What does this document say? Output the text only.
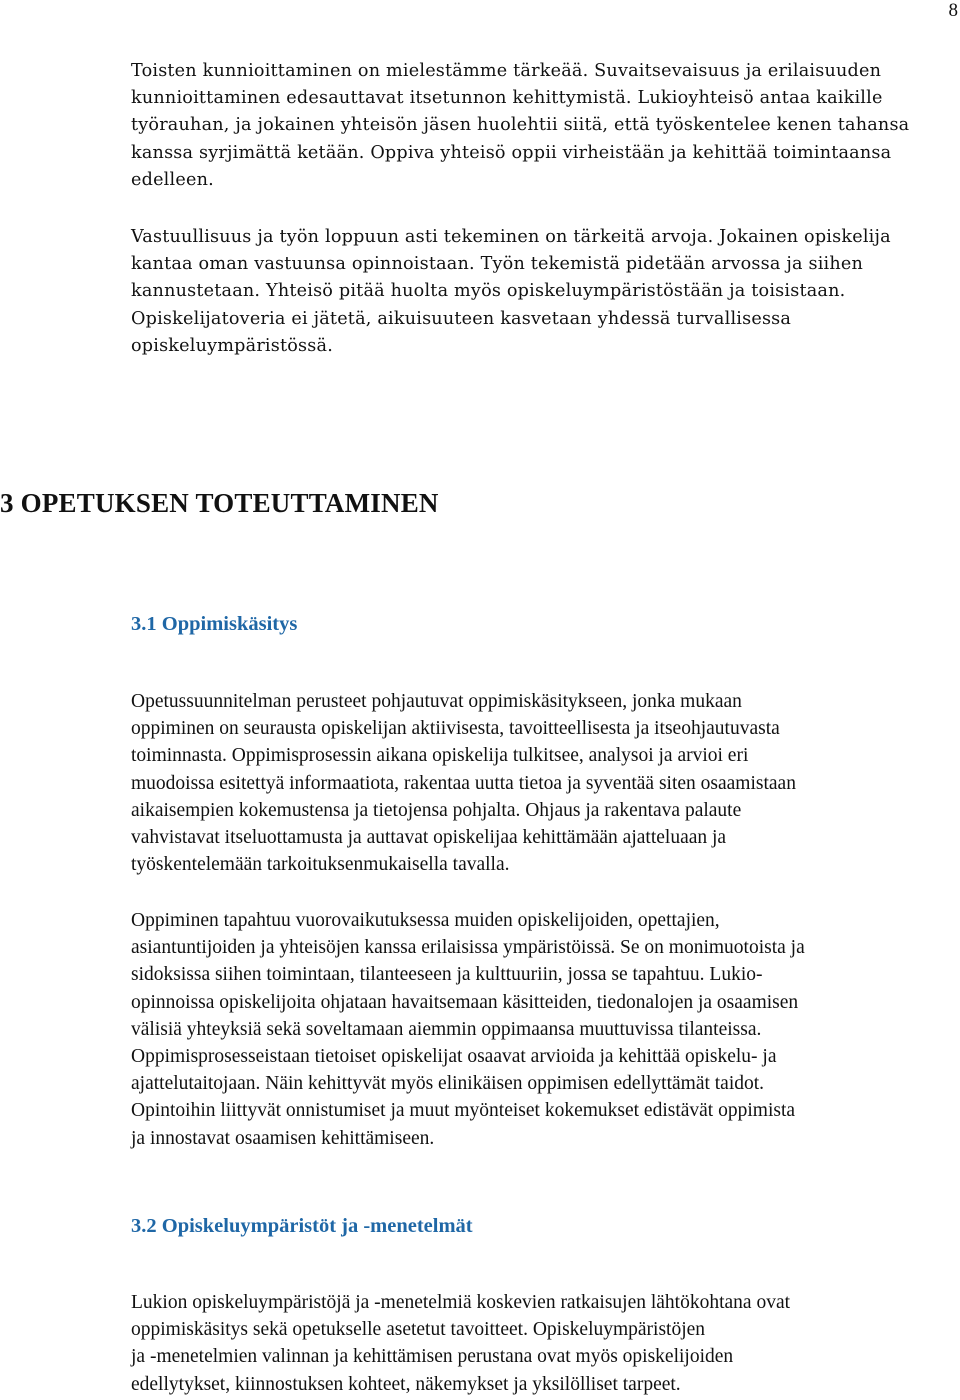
8

Toisten kunnioittaminen on mielestämme tärkeää. Suvaitsevaisuus ja erilaisuuden
kunnioittaminen edesauttavat itsetunnon kehittymistä. Lukioyhteisö antaa kaikille
työrauhan, ja jokainen yhteisön jäsen huolehtii siitä, että työskentelee kenen tahansa
kanssa syrjimättä ketään. Oppiva yhteisö oppii virheistään ja kehittää toimintaansa
edelleen.

Vastuullisuus ja työn loppuun asti tekeminen on tärkeitä arvoja. Jokainen opiskelija
kantaa oman vastuunsa opinnoistaan. Työn tekemistä pidetään arvossa ja siihen
kannustetaan. Yhteisö pitää huolta myös opiskeluympäristöstään ja toisistaan.
Opiskelijatoveria ei jätetä, aikuisuuteen kasvetaan yhdessä turvallisessa
opiskeluympäristössä.

3 OPETUKSEN TOTEUTTAMINEN
3.1 Oppimiskäsitys

Opetussuunnitelman perusteet pohjautuvat oppimiskäsitykseen, jonka mukaan
oppiminen on seurausta opiskelijan aktiivisesta, tavoitteellisesta ja itseohjautuvasta
toiminnasta. Oppimisprosessin aikana opiskelija tulkitsee, analysoi ja arvioi eri
muodoissa esitettyä informaatiota, rakentaa uutta tietoa ja syventää siten osaamistaan
aikaisempien kokemustensa ja tietojensa pohjalta. Ohjaus ja rakentava palaute
vahvistavat itseluottamusta ja auttavat opiskelijaa kehittämään ajatteluaan ja
työskentelemään tarkoituksenmukaisella tavalla.

Oppiminen tapahtuu vuorovaikutuksessa muiden opiskelijoiden, opettajien,
asiantuntijoiden ja yhteisöjen kanssa erilaisissa ympäristöissä. Se on monimuotoista ja
sidoksissa siihen toimintaan, tilanteeseen ja kulttuuriin, jossa se tapahtuu. Lukio-
opinnoissa opiskelijoita ohjataan havaitsemaan käsitteiden, tiedonalojen ja osaamisen
välisiä yhteyksiä sekä soveltamaan aiemmin oppimaansa muuttuvissa tilanteissa.
Oppimisprosesseistaan tietoiset opiskelijat osaavat arvioida ja kehittää opiskelu- ja
ajattelutaitojaan. Näin kehittyvät myös elinikäisen oppimisen edellyttämät taidot.
Opintoihin liittyvät onnistumiset ja muut myönteiset kokemukset edistävät oppimista
ja innostavat osaamisen kehittämiseen.

3.2 Opiskeluympäristöt ja -menetelmät

Lukion opiskeluympäristöjä ja -menetelmiä koskevien ratkaisujen lähtökohtana ovat
oppimiskäsitys sekä opetukselle asetetut tavoitteet. Opiskeluympäristöjen
ja -menetelmien valinnan ja kehittämisen perustana ovat myös opiskelijoiden
edellytykset, kiinnostuksen kohteet, näkemykset ja yksilölliset tarpeet.
